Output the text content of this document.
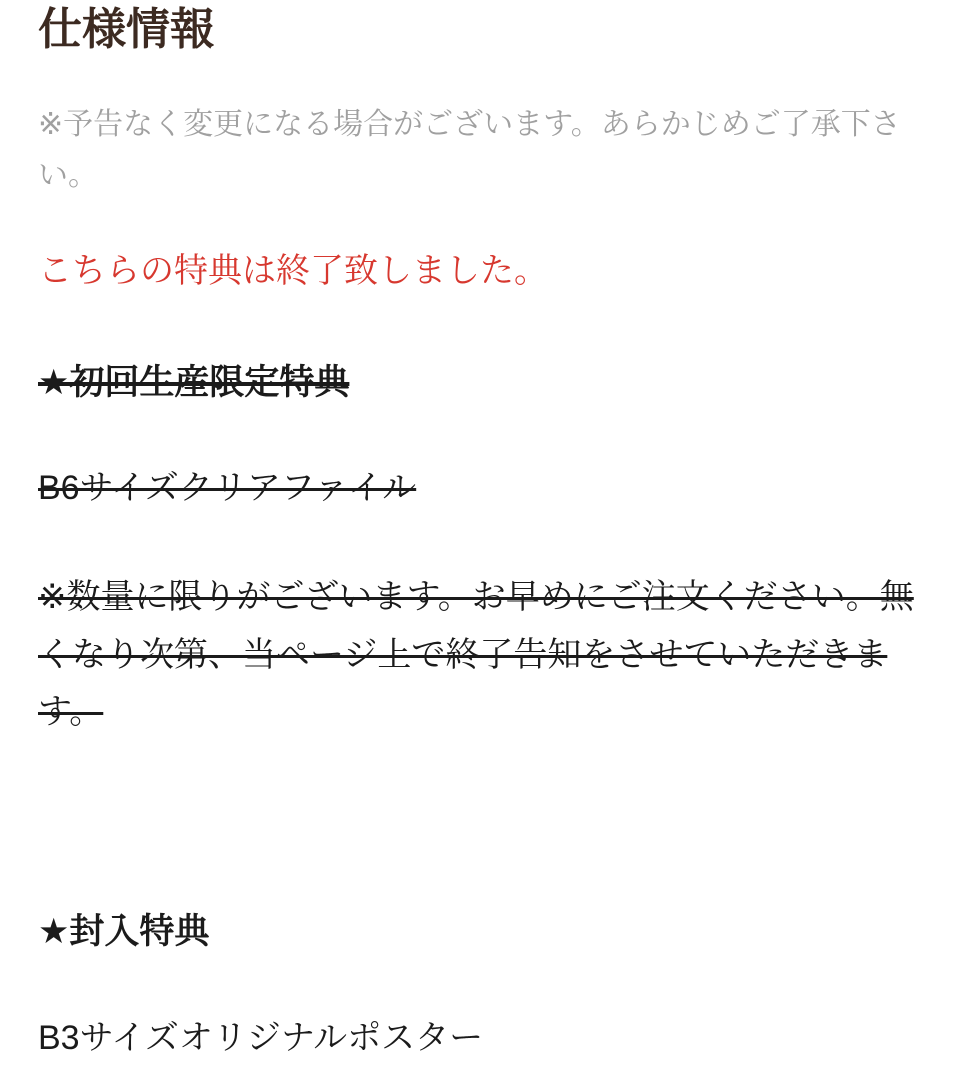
仕様情報

※予告なく変更になる場合がございます。あらかじめご了承下さい。

こちらの特典は終了致しました。

★初回生産限定特典

B6サイズクリアファイル

※数量に限りがございます。お早めにご注文ください。無くなり次第、当ページ上で終了告知をさせていただきます。

★封入特典

B3サイズオリジナルポスター
